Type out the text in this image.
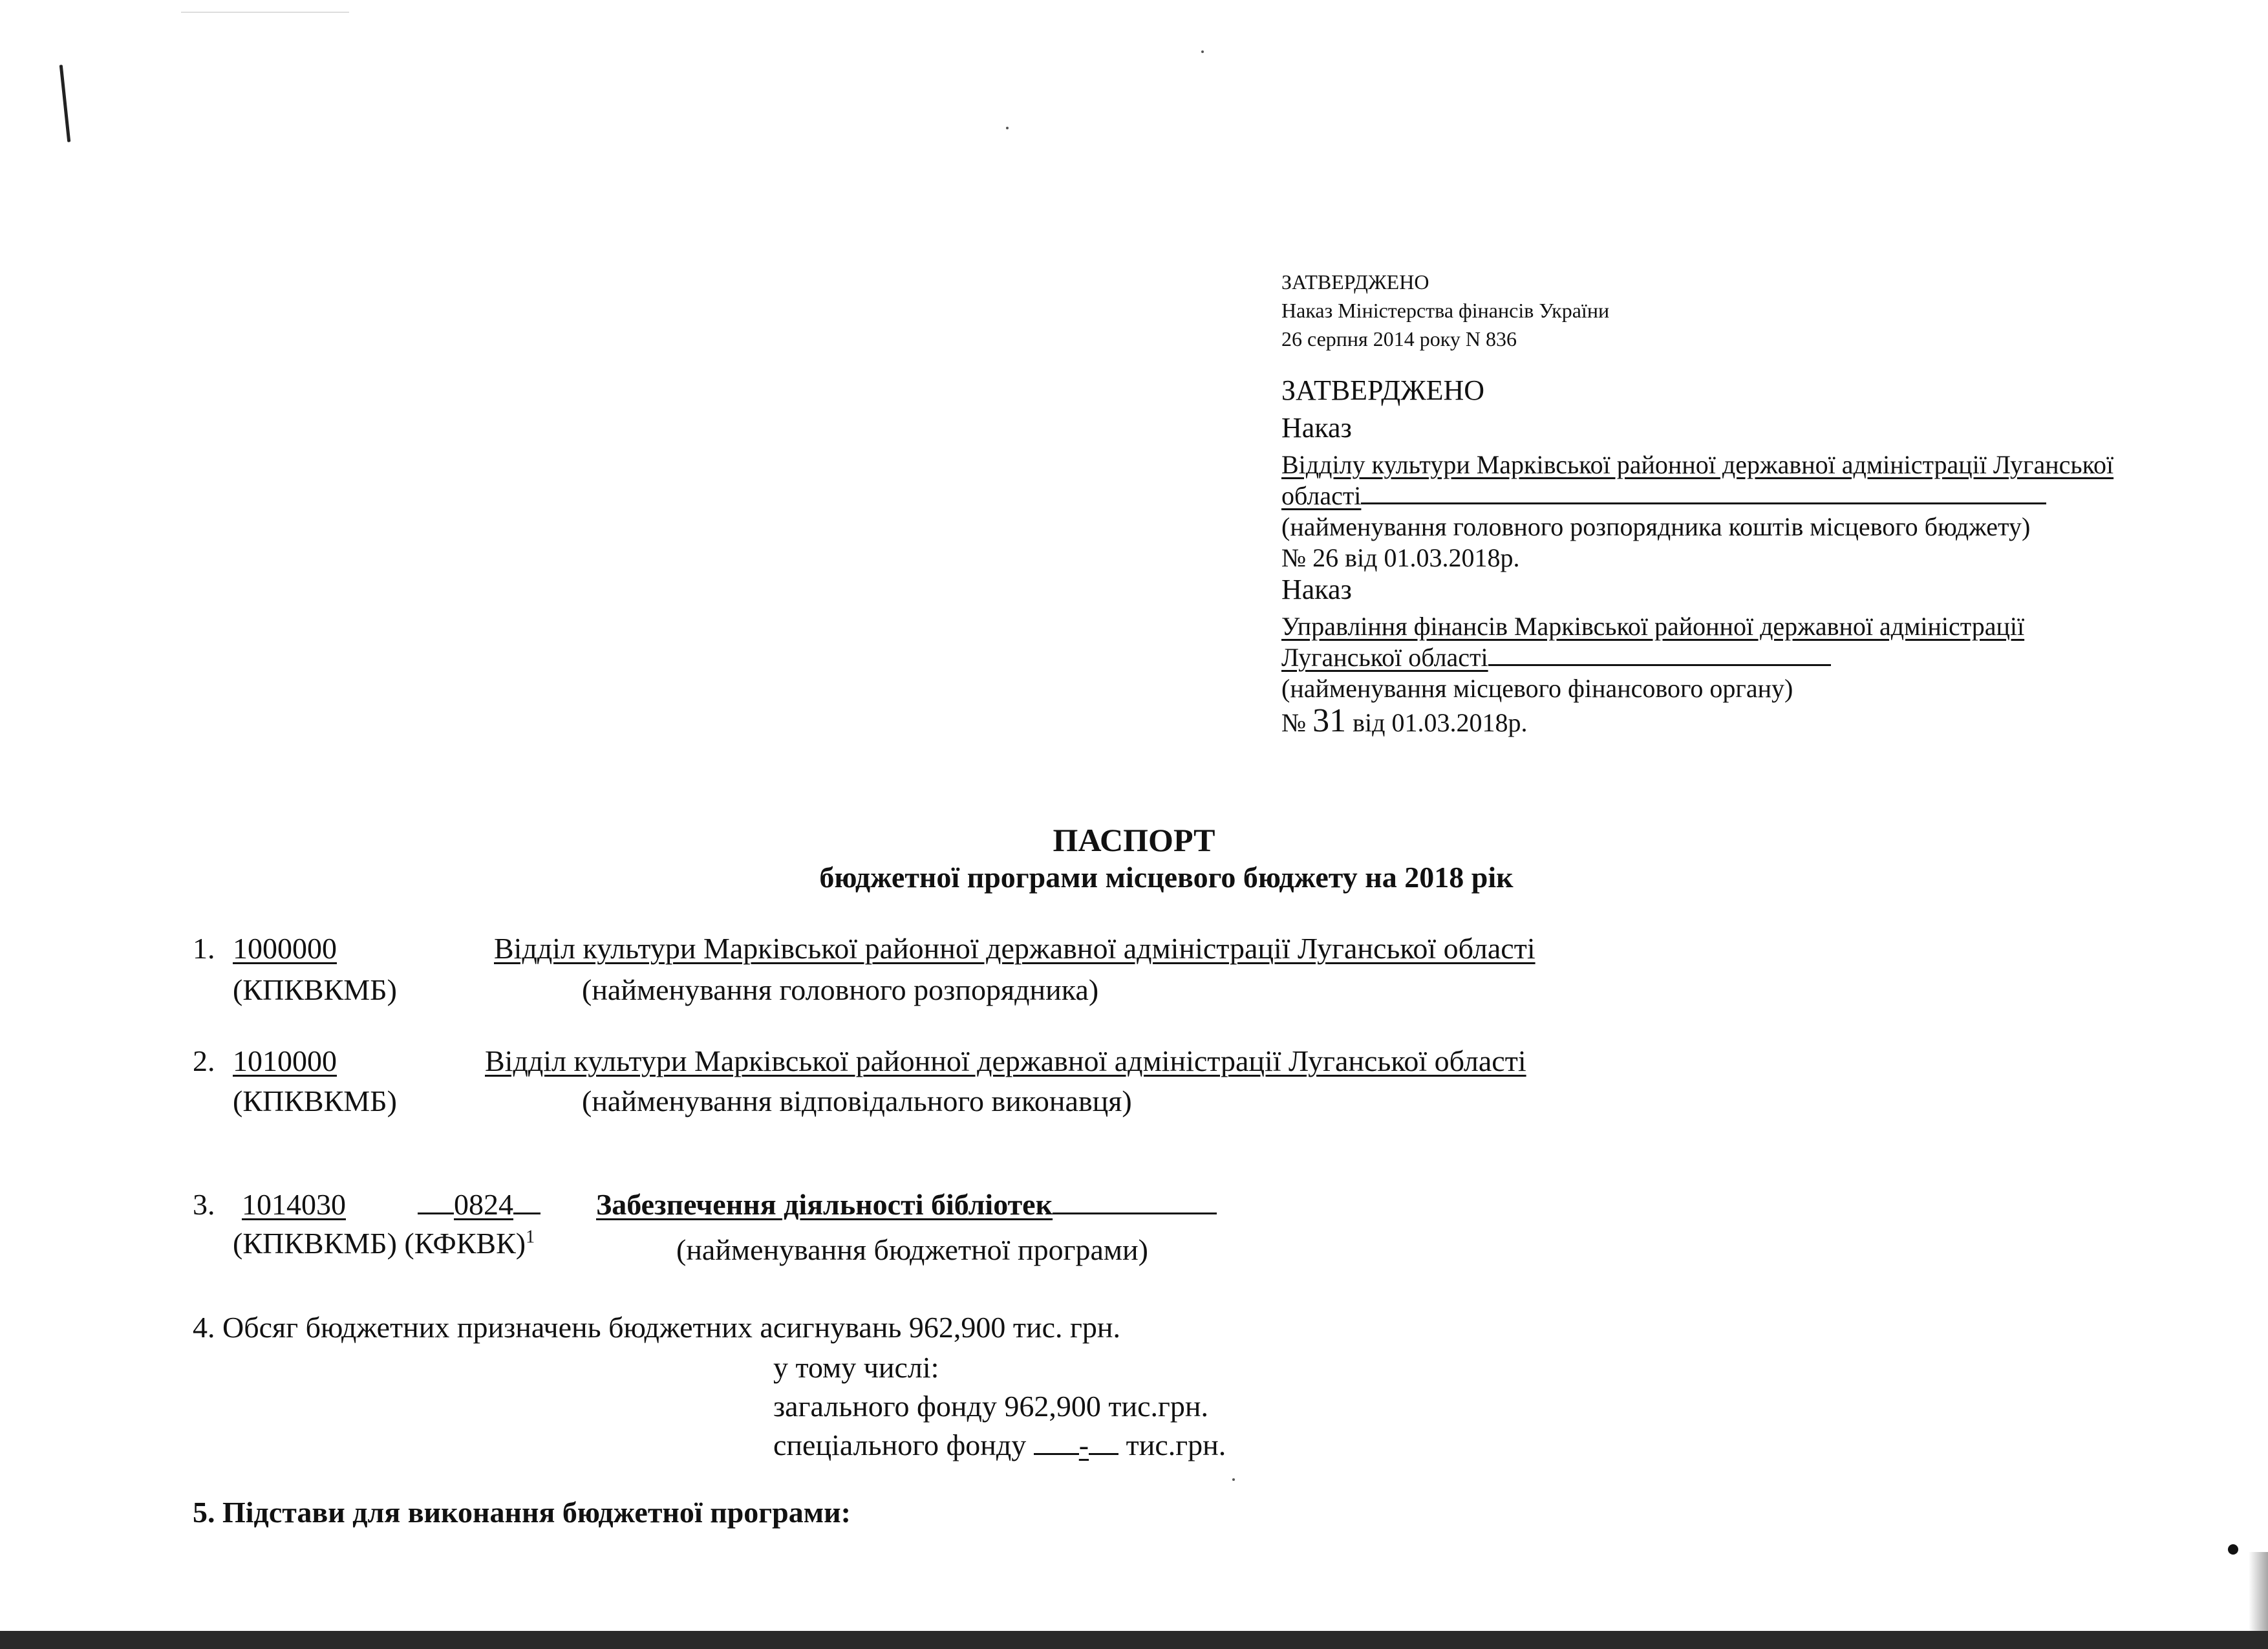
ЗАТВЕРДЖЕНО
Наказ Міністерства фінансів України
26 серпня 2014 року N 836
ЗАТВЕРДЖЕНО
Наказ
Відділу культури Марківської районної державної адміністрації Луганської
області
(найменування головного розпорядника коштів місцевого бюджету)
№ 26 від 01.03.2018р.
Наказ
Управління фінансів Марківської районної державної адміністрації
Луганської області
(найменування місцевого фінансового органу)
№ 31 від 01.03.2018р.
ПАСПОРТ
бюджетної програми місцевого бюджету на 2018 рік
1. 1000000	Відділ культури Марківської районної державної адміністрації Луганської області
(КПКВКМБ)	(найменування головного розпорядника)
2. 1010000	Відділ культури Марківської районної державної адміністрації Луганської області
(КПКВКМБ)	(найменування відповідального виконавця)
3. 1014030	0824	Забезпечення діяльності бібліотек
(КПКВКМБ) (КФКВК)$^1$	(найменування бюджетної програми)
4. Обсяг бюджетних призначень бюджетних асигнувань 962,900 тис. грн.
у тому числі:
загального фонду 962,900 тис.грн.
спеціального фонду - тис.грн.
5. Підстави для виконання бюджетної програми:
